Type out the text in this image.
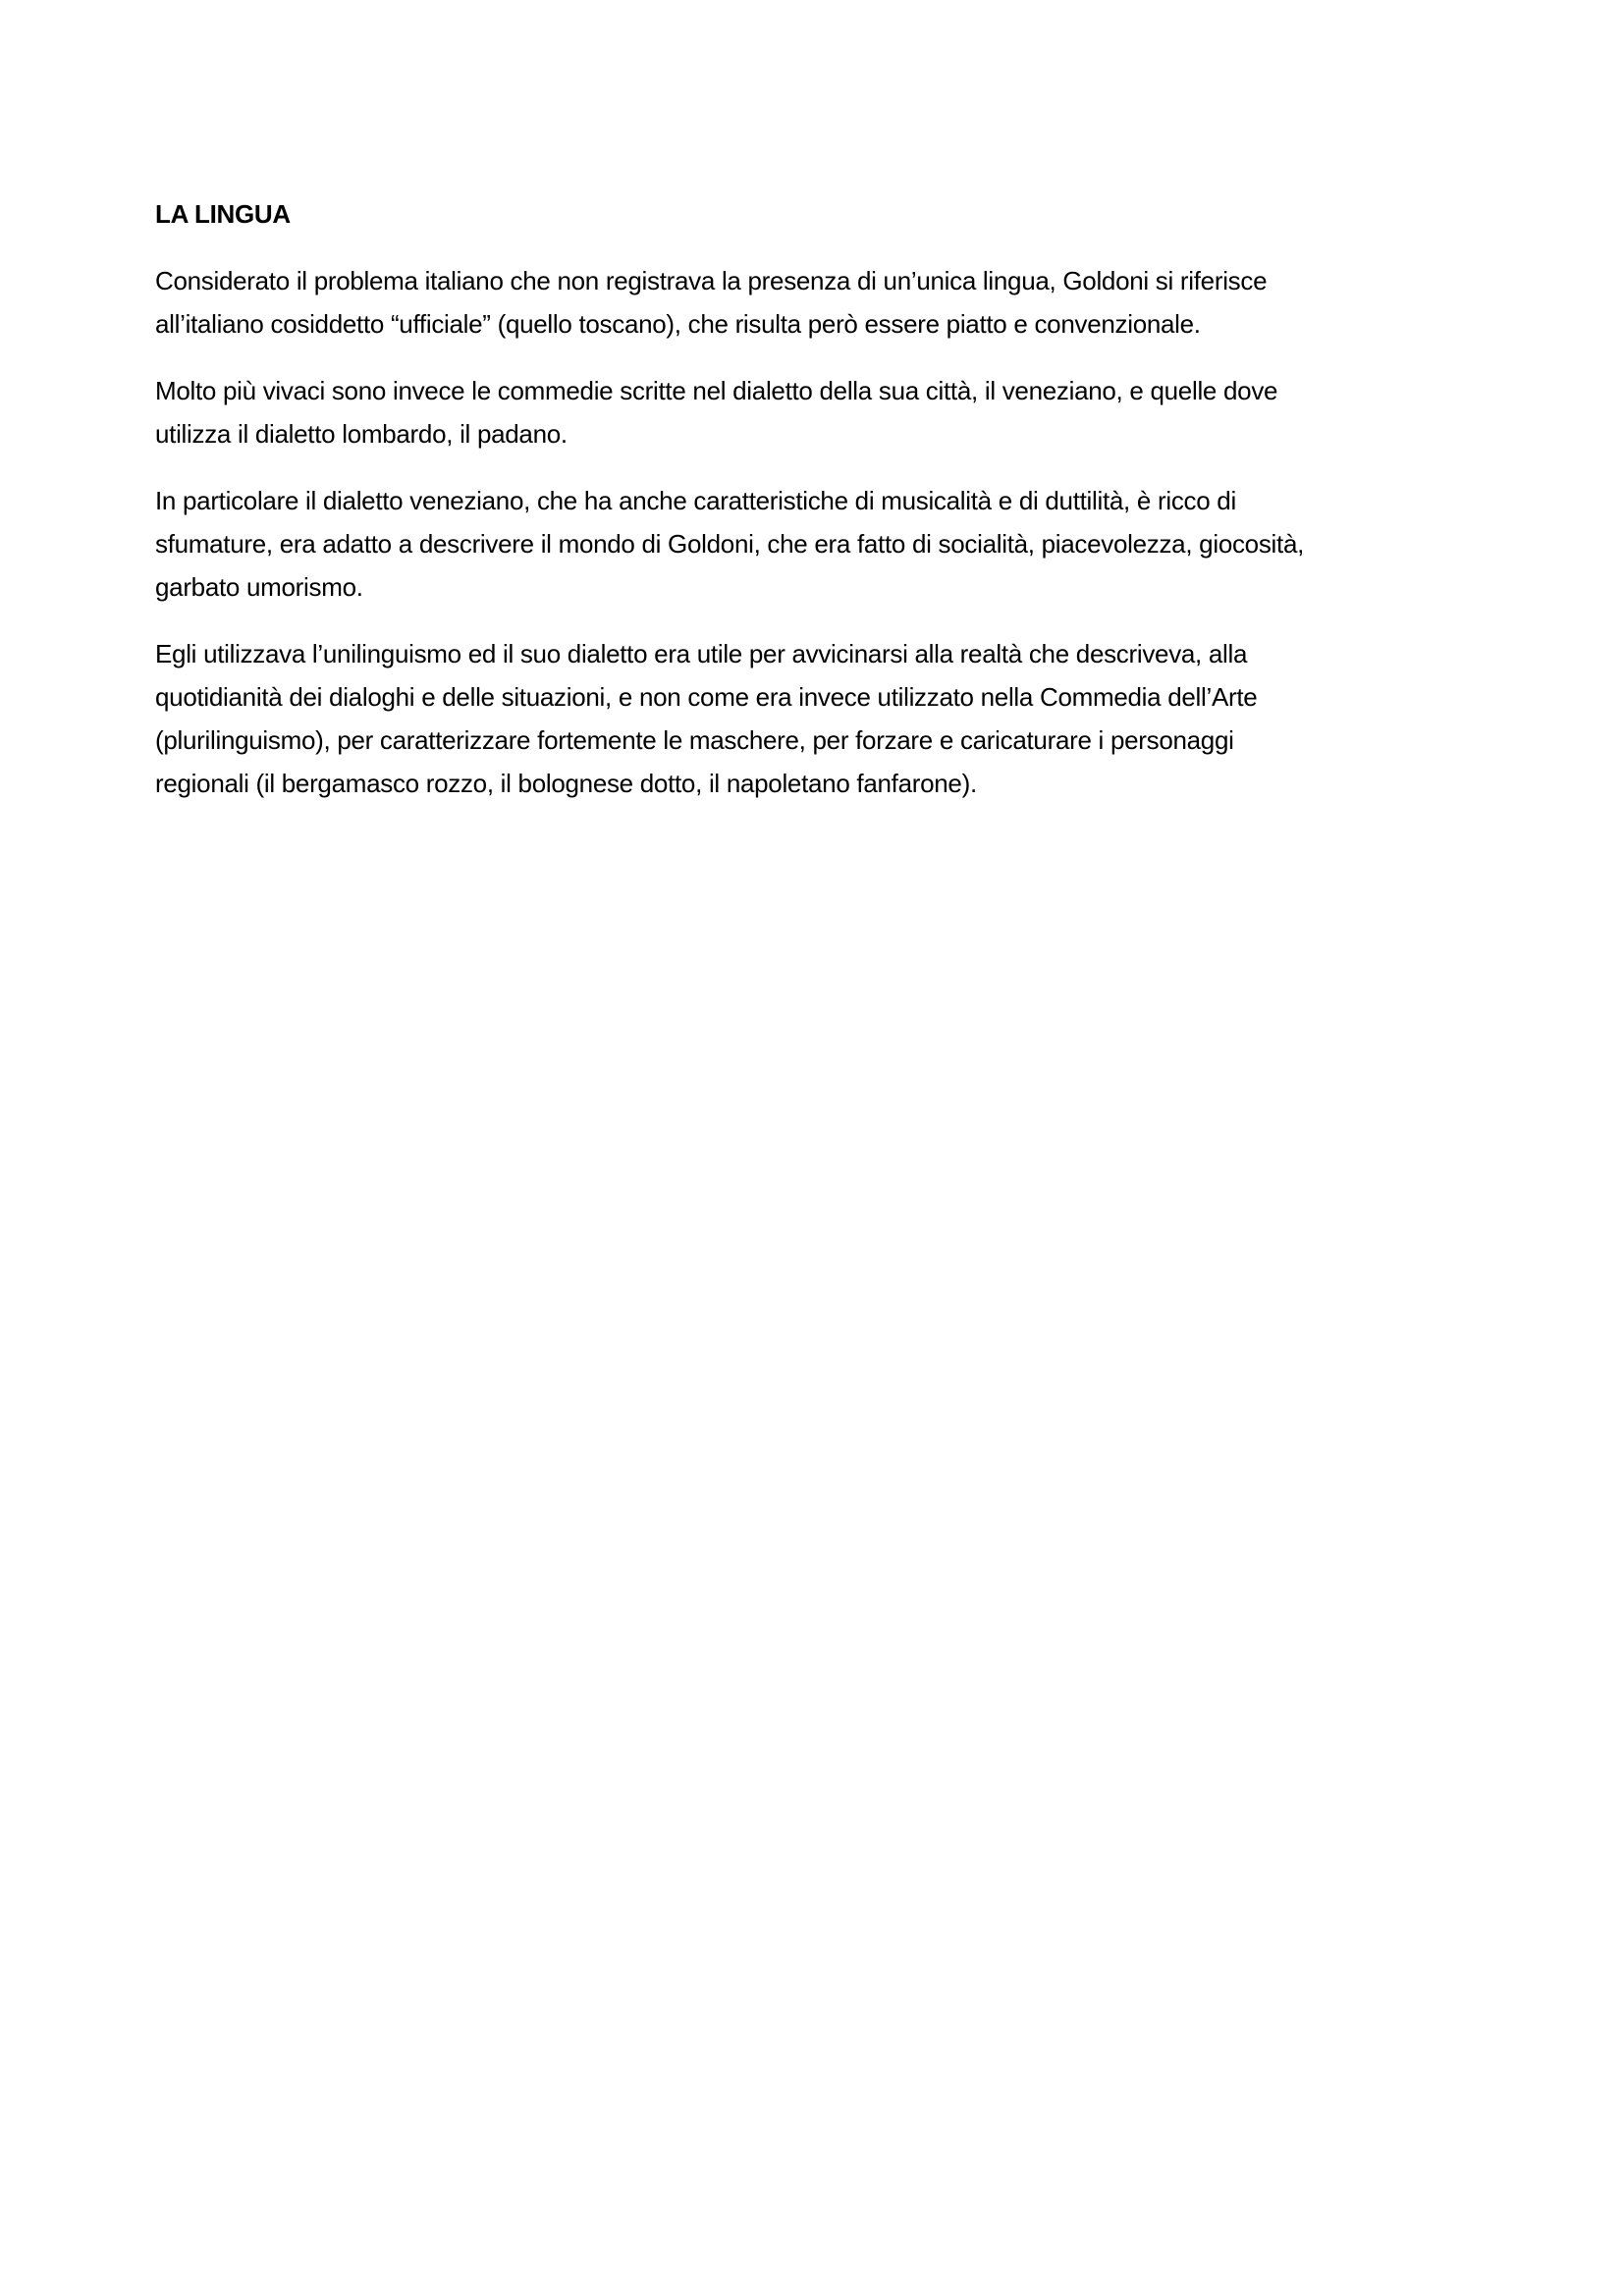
LA LINGUA
Considerato il problema italiano che non registrava la presenza di un’unica lingua, Goldoni si riferisce
all’italiano cosiddetto “ufficiale” (quello toscano), che risulta però essere piatto e convenzionale.
Molto più vivaci sono invece le commedie scritte nel dialetto della sua città, il veneziano, e quelle dove
utilizza il dialetto lombardo, il padano.
In particolare il dialetto veneziano, che ha anche caratteristiche di musicalità e di duttilità, è ricco di
sfumature, era adatto a descrivere il mondo di Goldoni, che era fatto di socialità, piacevolezza, giocosità,
garbato umorismo.
Egli utilizzava l’unilinguismo ed il suo dialetto era utile per avvicinarsi alla realtà che descriveva, alla
quotidianità dei dialoghi e delle situazioni, e non come era invece utilizzato nella Commedia dell’Arte
(plurilinguismo), per caratterizzare fortemente le maschere, per forzare e caricaturare i personaggi
regionali (il bergamasco rozzo, il bolognese dotto, il napoletano fanfarone).
